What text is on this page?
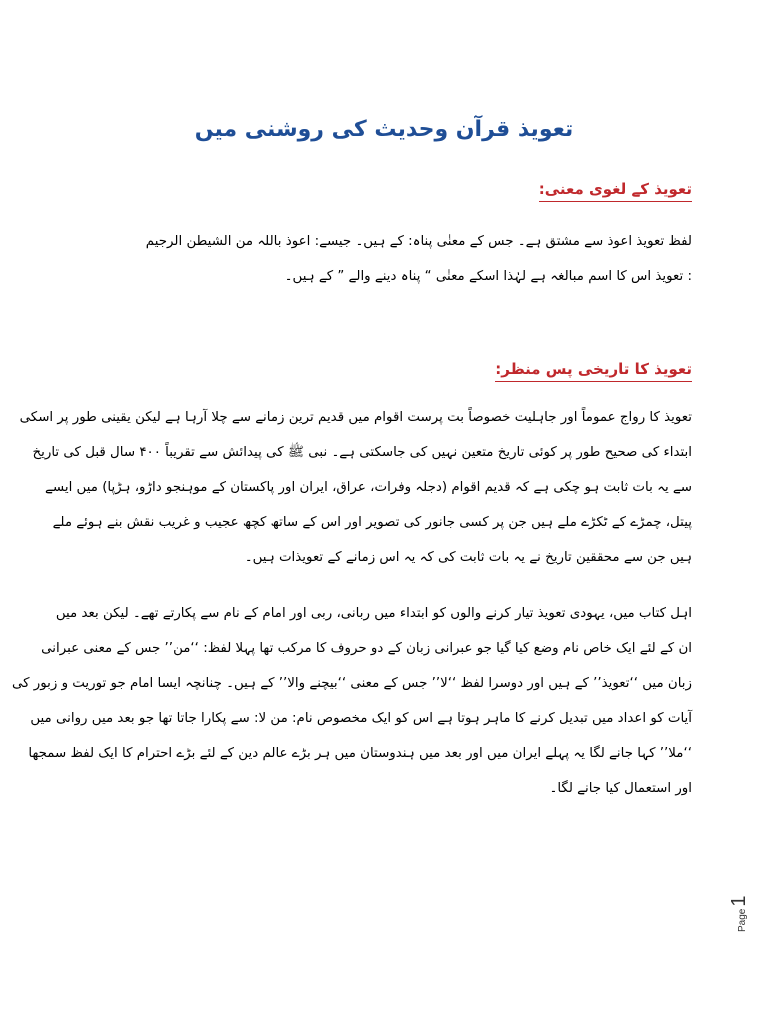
تعویذ قرآن وحدیث کی روشنی میں
تعویذ کے لغوی معنی:
لفظ تعویذ اعوذ سے مشتق ہے۔ جس کے معنٰی پناہ: کے ہیں۔ جیسے: اعوذ باللہ من الشیطن الرجیم
: تعویذ اس کا اسم مبالغہ ہے لہٰذا اسکے معنٰی “ پناہ دینے والے ” کے ہیں۔
تعویذ کا تاریخی پس منظر:
تعویذ کا رواج عموماً اور جاہلیت خصوصاً بت پرست اقوام میں قدیم ترین زمانے سے چلا آرہا ہے لیکن یقینی طور پر اسکی
ابتداء کی صحیح طور پر کوئی تاریخ متعین نہیں کی جاسکتی ہے۔ نبی ﷺ کی پیدائش سے تقریباً ۴۰۰ سال قبل کی تاریخ
سے یہ بات ثابت ہو چکی ہے کہ قدیم اقوام (دجلہ وفرات، عراق، ایران اور پاکستان کے موہنجو داڑو، ہڑپا) میں ایسے
پیتل، چمڑے کے ٹکڑے ملے ہیں جن پر کسی جانور کی تصویر اور اس کے ساتھ کچھ عجیب و غریب نقش بنے ہوئے ملے
ہیں جن سے محققین تاریخ نے یہ بات ثابت کی کہ یہ اس زمانے کے تعویذات ہیں۔
اہل کتاب میں، یہودی تعویذ تیار کرنے والوں کو ابتداء میں ربانی، ربی اور امام کے نام سے پکارتے تھے۔ لیکن بعد میں
ان کے لئے ایک خاص نام وضع کیا گیا جو عبرانی زبان کے دو حروف کا مرکب تھا پہلا لفظ: ‘‘من’’ جس کے معنی عبرانی
زبان میں ‘‘تعویذ’’ کے ہیں اور دوسرا لفظ ‘‘لا’’ جس کے معنی ‘‘بیچنے والا’’ کے ہیں۔ چنانچہ ایسا امام جو توریت و زبور کی
آیات کو اعداد میں تبدیل کرنے کا ماہر ہوتا ہے اس کو ایک مخصوص نام: من لا: سے پکارا جاتا تھا جو بعد میں روانی میں
‘‘ملا’’ کہا جانے لگا یہ پہلے ایران میں اور بعد میں ہندوستان میں ہر بڑے عالم دین کے لئے بڑے احترام کا ایک لفظ سمجھا
اور استعمال کیا جانے لگا۔
Page1
